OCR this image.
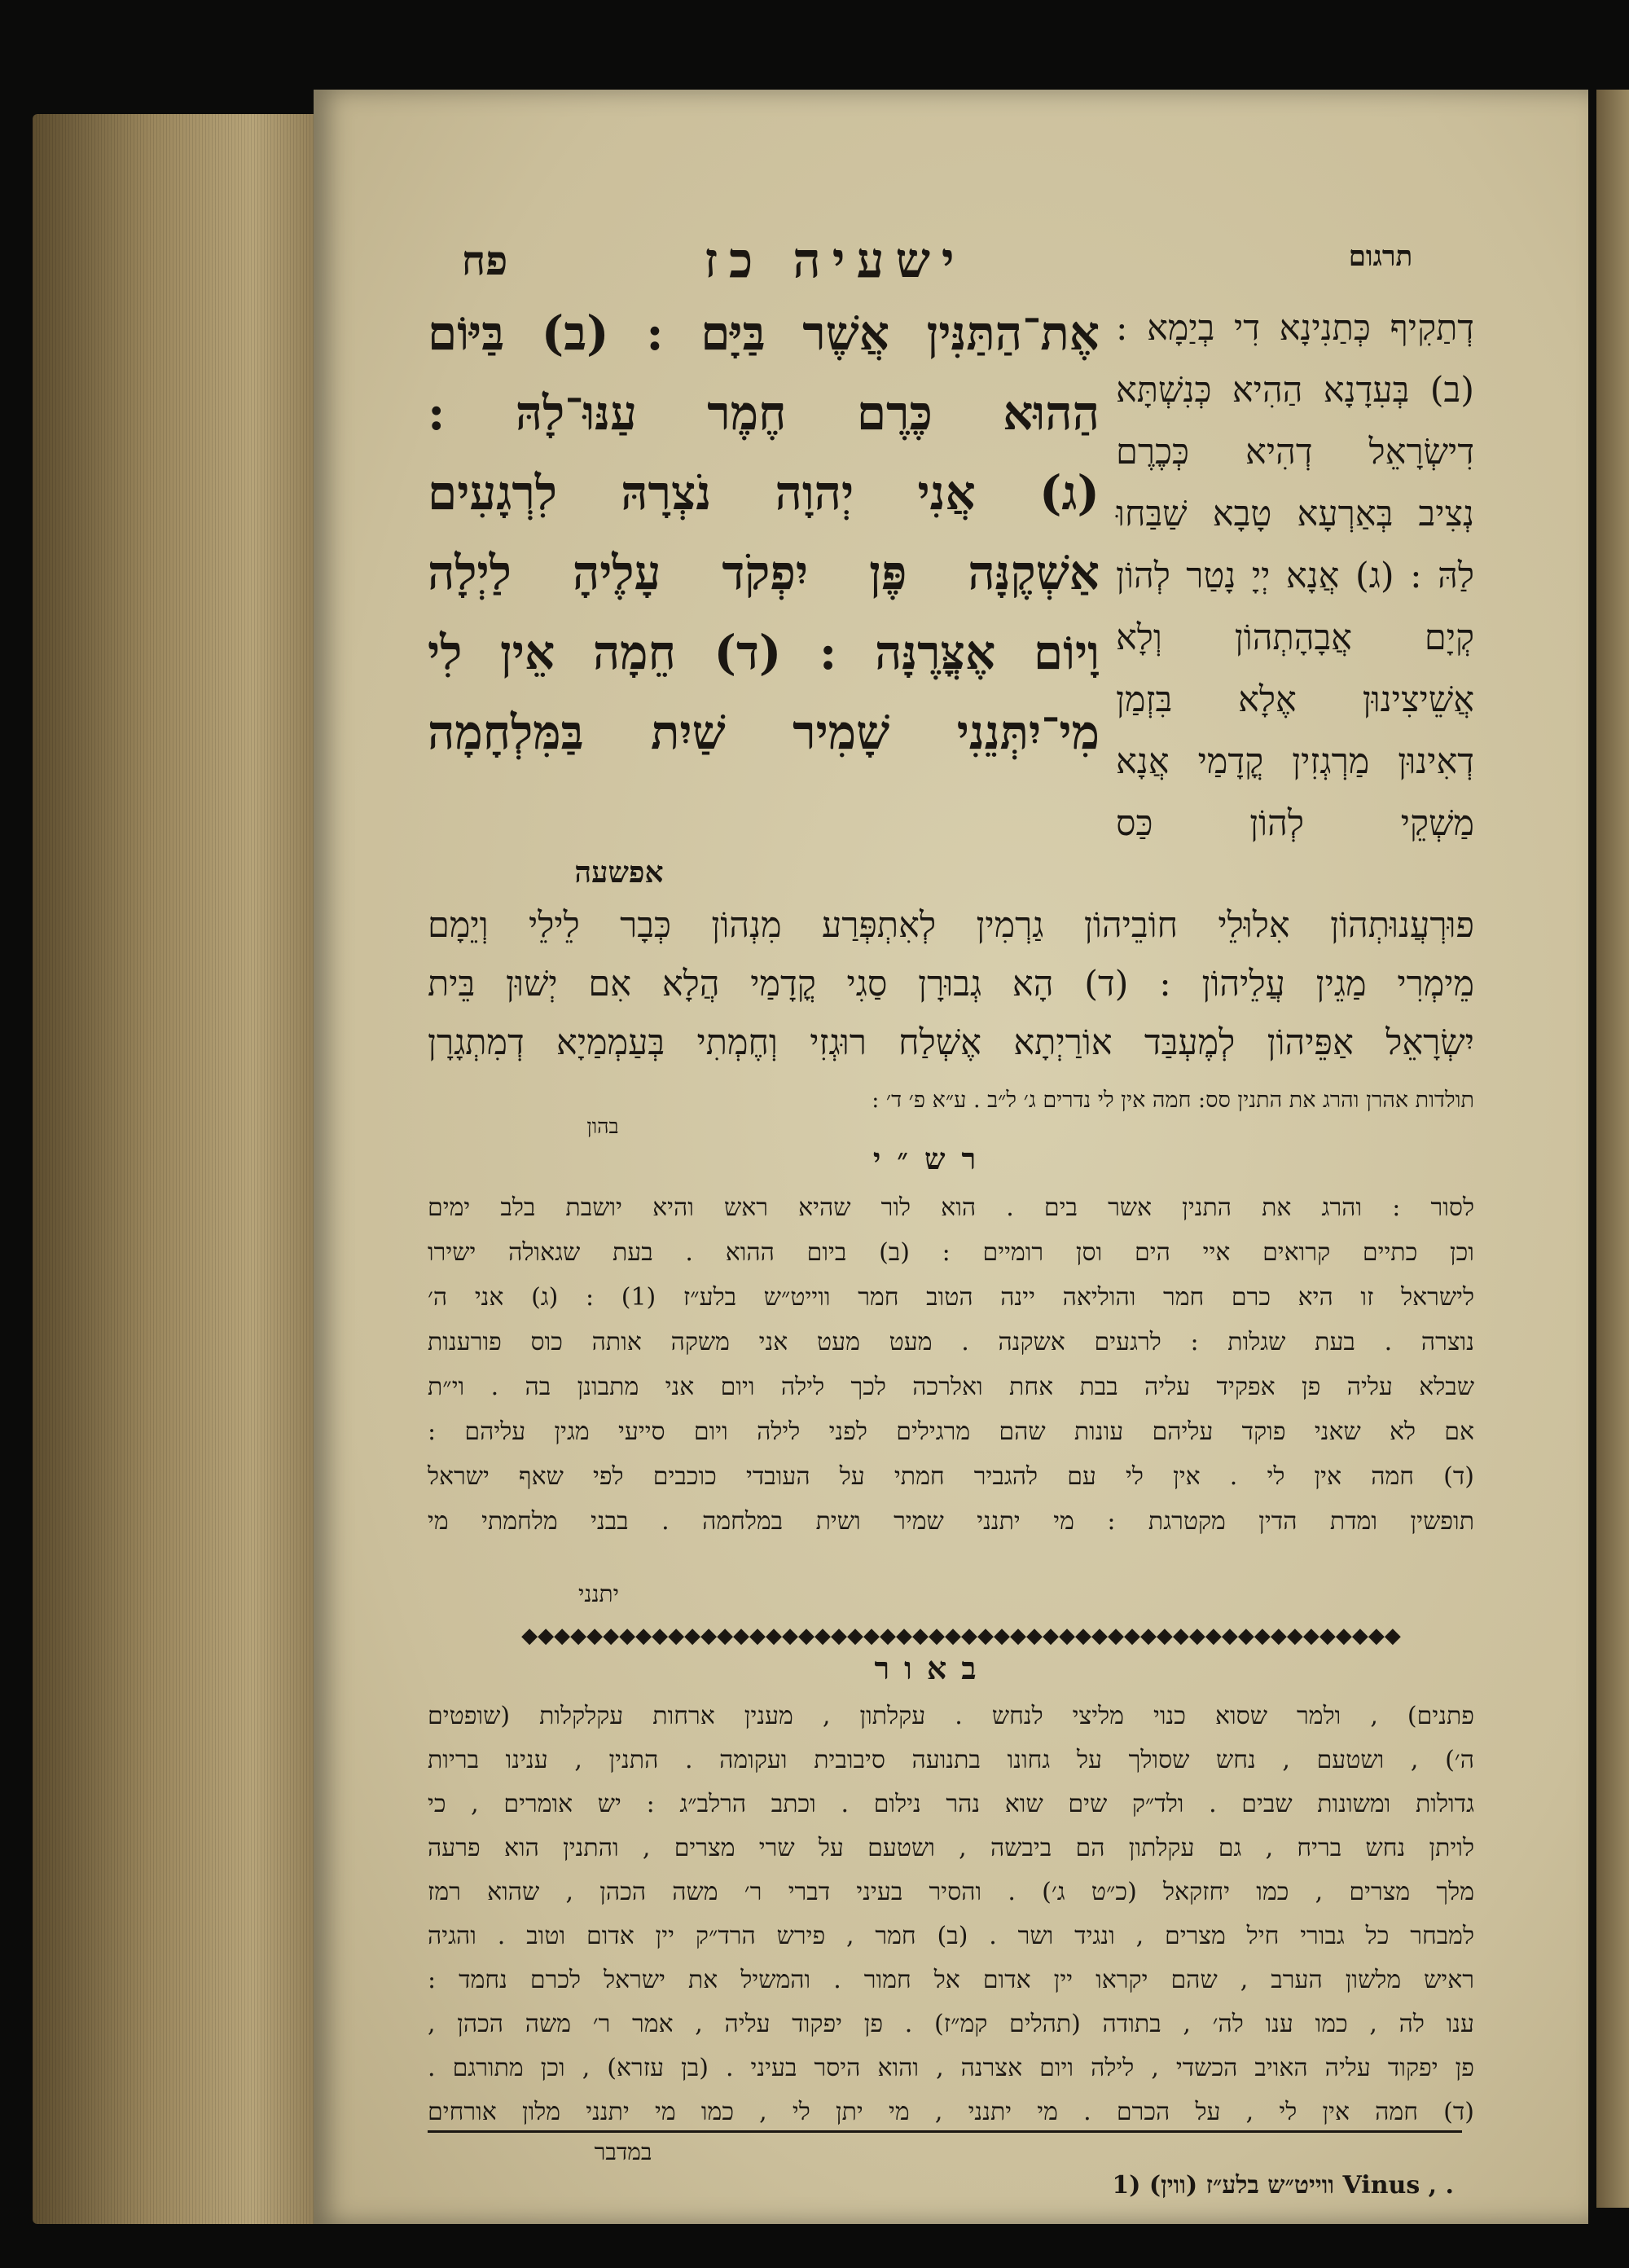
תרגום
ישעיה כז
פח
דְתַקִיף כְּתַנִינָא דִי בְיַמָא :
(ב) בְּעִדָנָא הַהִיא כְּנִשְׁתָּא
דִישְׂרָאֵל דְהִיא כְּכֶרֶם
נְצִיב בְּאַרְעָא טָבָא שַׁבַּחוּ
לַהּ : (ג) אֲנָא יְיָ נָטַר לְהוֹן
קְיָם אֲבָהָתְהוֹן וְלָא
אֲשֵׁיצִינוּן אֶלָא בִּזְמַן
דְאִינוּן מַרְגְזִין קֳדָמַי אֲנָא
מַשְׁקֵי לְהוֹן כַּס
אֶת־הַתַּנִּין אֲשֶׁר בַּיָּם : (ב) בַּיּוֹם
הַהוּא כֶּרֶם חֶמֶר עַנּוּ־לָהּ :
(ג) אֲנִי יְהוָה נֹצְרָהּ לִרְגָעִים
אַשְׁקֶנָּה פֶּן יִפְקֹד עָלֶיהָ לַיְלָה
וָיוֹם אֶצֳּרֶנָּה : (ד) חֵמָה אֵין לִי
מִי־יִתְּנֵנִי שָׁמִיר שַׁיִת בַּמִּלְחָמָה
אפשעה
פוּרְעֲנוּתְהוֹן אִלוּלֵי חוֹבֵיהוֹן גַרְמִין לְאִתְפְּרַע מִנְהוֹן כְּבָר לֵילֵי וְיֵמָם
מֵימְרִי מַגֵין עֲלֵיהוֹן : (ד) הָא גְבוּרָן סַגִי קֳדָמַי הֲלָא אִם יְשׁוּן בֵּית
יִשְׂרָאֵל אַפֵּיהוֹן לְמֶעְבַּד אוֹרַיְתָא אֶשְׁלַח רוּגְזִי וְחֶמְתִי בְּעַמְמַיָא דְמִתְגָרָן
תולדות אהרן והרג את התנין סס: חמה אין לי נדרים ג׳ ל״ב . ע״א פ׳ ד׳ :
בהון
רש״י
לסור : והרג את התנין אשר בים . הוא לור שהיא ראש והיא יושבת בלב ימים
וכן כתיים קרואים איי הים וסן רומיים : (ב) ביום ההוא . בעת שגאולה ישירו
לישראל זו היא כרם חמר והוליאה יינה הטוב חמר ווייט״ש בלע״ז (1) : (ג) אני ה׳
נוצרה . בעת שגלות : לרגעים אשקנה . מעט מעט אני משקה אותה כוס פורענות
שבלא עליה פן אפקיד עליה בבת אחת ואלרכה לכך לילה ויום אני מתבונן בה . וי״ת
אם לא שאני פוקד עליהם עונות שהם מרגילים לפני לילה ויום סייעי מגין עליהם :
(ד) חמה אין לי . אין לי עם להגביר חמתי על העובדי כוכבים לפי שאף ישראל
תופשין ומדת הדין מקטרגת : מי יתנני שמיר ושית במלחמה . בבני מלחמתי מי
יתנני
◆◆◆◆◆◆◆◆◆◆◆◆◆◆◆◆◆◆◆◆◆◆◆◆◆◆◆◆◆◆◆◆◆◆◆◆◆◆◆◆◆◆◆◆◆◆◆◆◆◆◆◆◆◆
באור
פתנים) , ולמר שסוא כנוי מליצי לנחש . עקלתון , מענין ארחות עקלקלות (שופטים
ה׳) , ושטעם , נחש שסולך על גחונו בתנועה סיבובית ועקומה . התנין , ענינו בריות
גדולות ומשונות שבים . ולד״ק שים שוא נהר נילום . וכתב הרלב״ג : יש אומרים , כי
לויתן נחש בריח , גם עקלתון הם ביבשה , ושטעם על שרי מצרים , והתנין הוא פרעה
מלך מצרים , כמו יחזקאל (כ״ט ג׳) . והסיר בעיני דברי ר׳ משה הכהן , שהוא רמז
למבחר כל גבורי חיל מצרים , ונגיד ושר . (ב) חמר , פירש הרד״ק יין אדום וטוב . והגיה
ראיש מלשון הערב , שהם יקראו יין אדום אל חמור . והמשיל את ישראל לכרם נחמד :
ענו לה , כמו ענו לה׳ , בתודה (תהלים קמ״ז) . פן יפקוד עליה , אמר ר׳ משה הכהן ,
פן יפקוד עליה האויב הכשדי , לילה ויום אצרנה , והוא היסר בעיני . (בן עזרא) , וכן מתורגם .
(ד) חמה אין לי , על הכרם . מי יתנני , מי יתן לי , כמו מי יתנני מלון אורחים
במדבר
1) ווייט״ש בלע״ז (ווין) Vinus , .
